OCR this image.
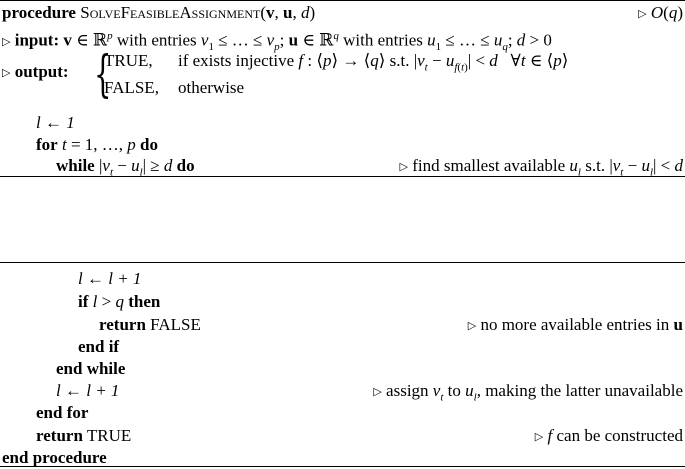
procedure SolveFeasibleAssignment(v, u, d)	▷ O(q)
▷ input: v ∈ ℝ$^p$ with entries $v_1$ ≤ … ≤ $v_p$; u ∈ ℝ$^q$ with entries $u_1$ ≤ … ≤ $u_q$; d > 0
▷ output: {
TRUE, if exists injective f : ⟨p⟩ → ⟨q⟩ s.t. $|v_t - u_{f(t)}| < d$   ∀t ∈ ⟨p⟩
FALSE, otherwise
l ← 1
for t = 1, …, p do
while $|v_t - u_l| \ge d$ do	▷ find smallest available $u_l$ s.t. $|v_t - u_l| < d$
l ← l + 1
if l > q then
return FALSE	▷ no more available entries in u
end if
end while
l ← l + 1	▷ assign $v_t$ to $u_l$, making the latter unavailable
end for
return TRUE	▷ f can be constructed
end procedure
